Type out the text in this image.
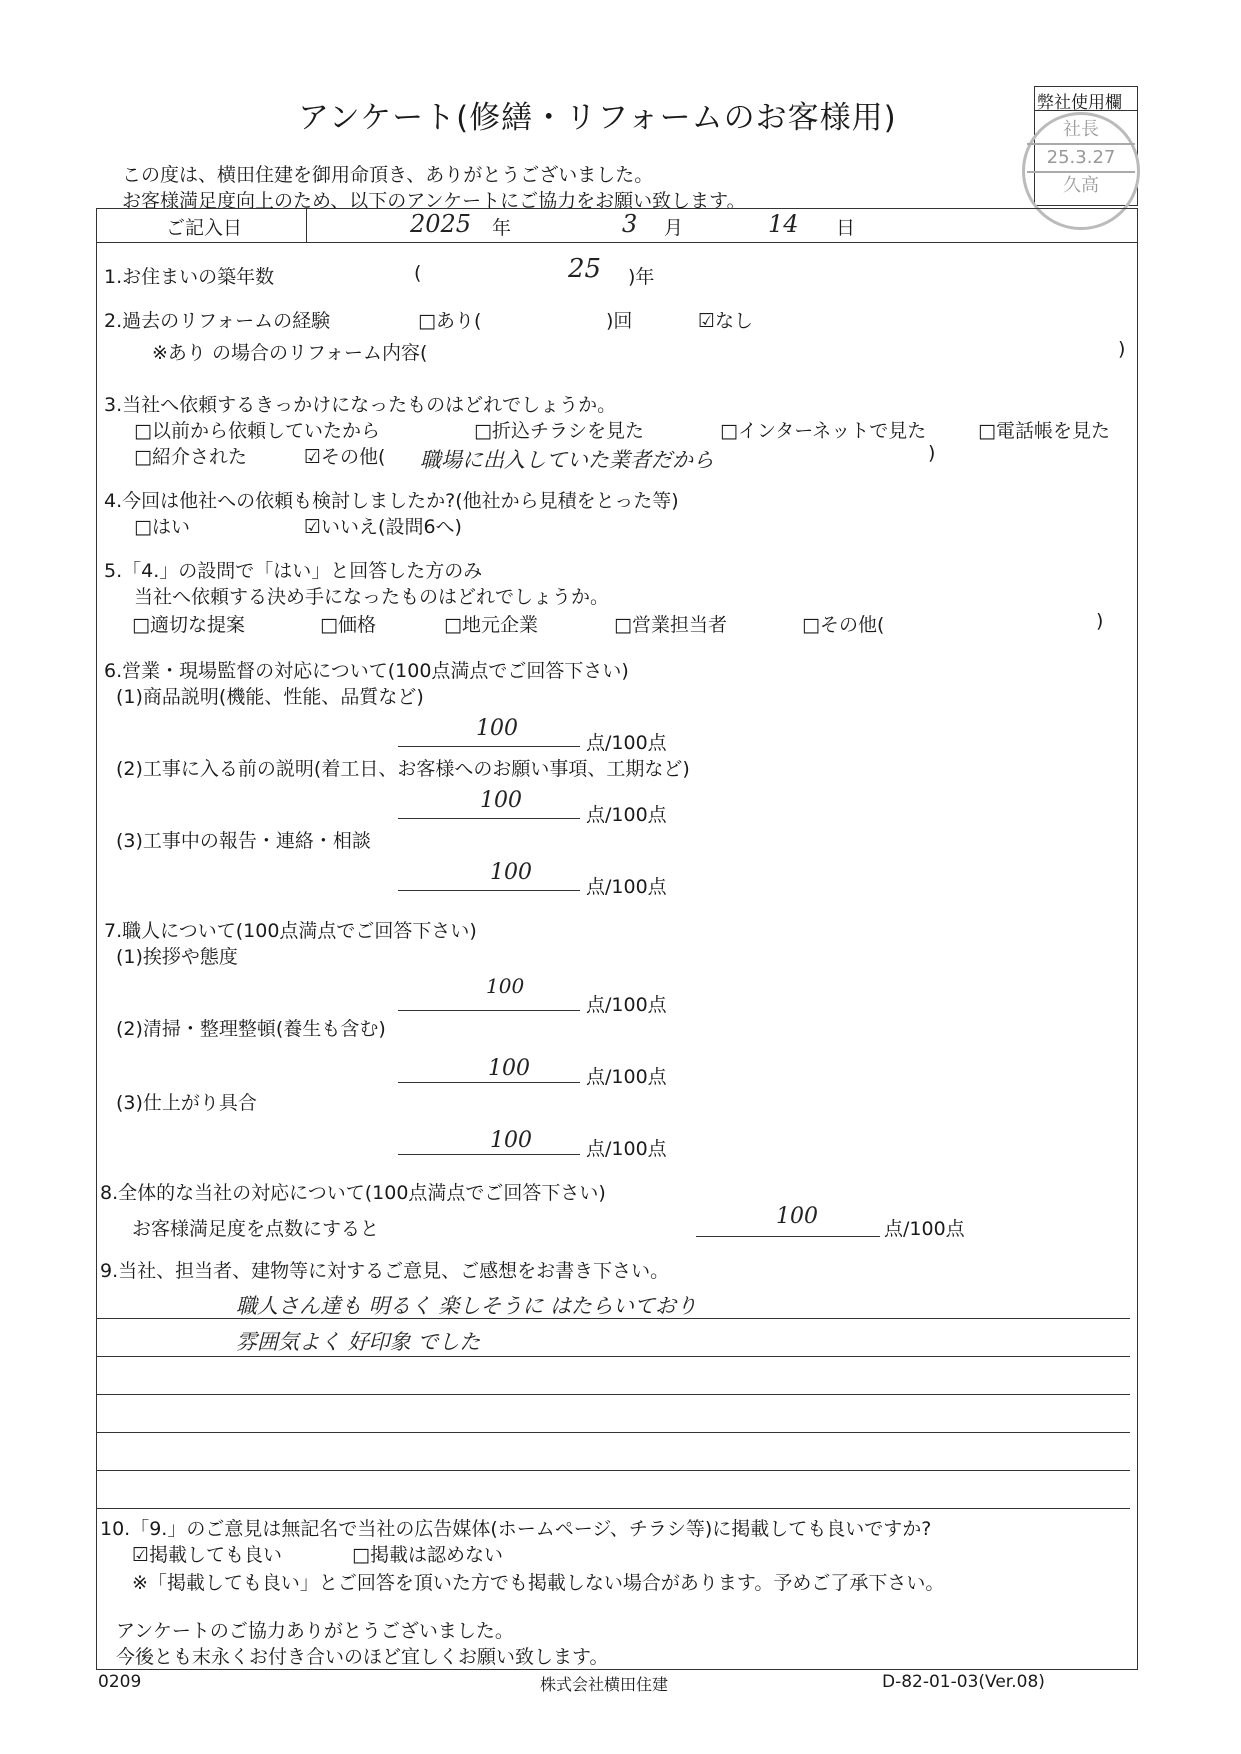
アンケート(修繕・リフォームのお客様用)	弊社使用欄
社長
25.3.27
久高
この度は、横田住建を御用命頂き、ありがとうございました。
お客様満足度向上のため、以下のアンケートにご協力をお願い致します。
ご記入日	2025 年	3 月	14 日
1.お住まいの築年数	(	25 )年
2.過去のリフォームの経験	□あり(	)回	☑なし
※あり の場合のリフォーム内容(	)
3.当社へ依頼するきっかけになったものはどれでしょうか。
□以前から依頼していたから	□折込チラシを見た	□インターネットで見た	□電話帳を見た
□紹介された	☑その他( 職場に出入していた業者だから	)
4.今回は他社への依頼も検討しましたか?(他社から見積をとった等)
□はい	☑いいえ(設問6へ)
5.「4.」の設問で「はい」と回答した方のみ
当社へ依頼する決め手になったものはどれでしょうか。
□適切な提案	□価格	□地元企業	□営業担当者	□その他(	)
6.営業・現場監督の対応について(100点満点でご回答下さい)
(1)商品説明(機能、性能、品質など)
100
点/100点
(2)工事に入る前の説明(着工日、お客様へのお願い事項、工期など)
100
点/100点
(3)工事中の報告・連絡・相談
100
点/100点
7.職人について(100点満点でご回答下さい)
(1)挨拶や態度
100
点/100点
(2)清掃・整理整頓(養生も含む)
100	点/100点
(3)仕上がり具合
100	点/100点
8.全体的な当社の対応について(100点満点でご回答下さい)
お客様満足度を点数にすると	100	点/100点
9.当社、担当者、建物等に対するご意見、ご感想をお書き下さい。
職人さん達も 明るく 楽しそうに はたらいており
雰囲気よく 好印象 でした
10.「9.」のご意見は無記名で当社の広告媒体(ホームページ、チラシ等)に掲載しても良いですか?
☑掲載しても良い	□掲載は認めない
※「掲載しても良い」とご回答を頂いた方でも掲載しない場合があります。予めご了承下さい。
アンケートのご協力ありがとうございました。
今後とも末永くお付き合いのほど宜しくお願い致します。
0209	株式会社横田住建	D-82-01-03(Ver.08)
